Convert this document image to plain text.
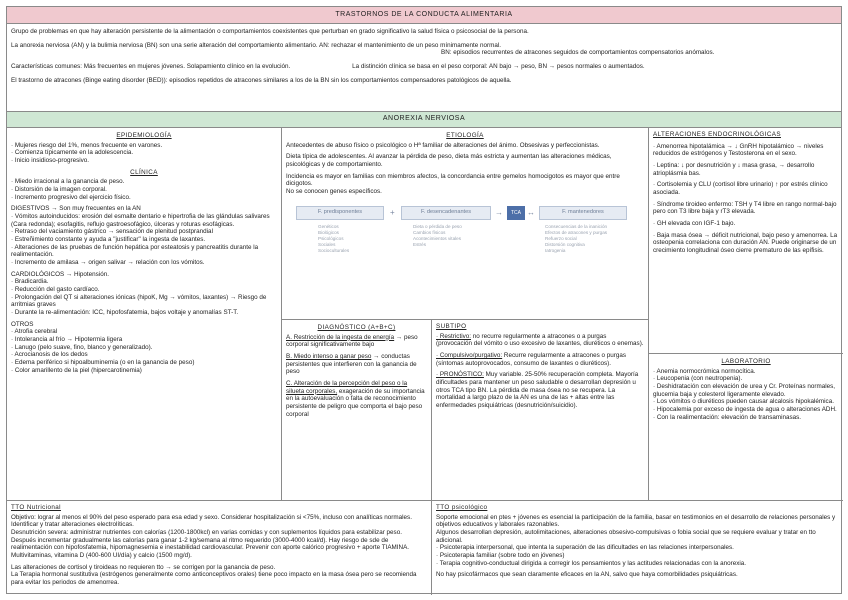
TRASTORNOS DE LA CONDUCTA ALIMENTARIA

Grupo de problemas en que hay alteración persistente de la alimentación o comportamientos coexistentes que perturban en grado significativo la salud física o psicosocial de la persona.

La anorexia nerviosa (AN) y la bulimia nerviosa (BN) son una serie alteración del comportamiento alimentario. AN: rechazar el mantenimiento de un peso mínimamente normal.
BN: episodios recurrentes de atracones seguidos de comportamientos compensatorios anómalos.

Características comunes: Más frecuentes en mujeres jóvenes. Solapamiento clínico en la evolución.	La distinción clínica se basa en el peso corporal: AN bajo → peso, BN → pesos normales o aumentados.

El trastorno de atracones (Binge eating disorder (BED)): episodios repetidos de atracones similares a los de la BN sin los comportamientos compensadores patológicos de aquella.

ANOREXIA NERVIOSA
EPIDEMIOLOGÍA
· Mujeres riesgo del 1%, menos frecuente en varones.
· Comienza típicamente en la adolescencia.
· Inicio insidioso-progresivo.
CLÍNICA
· Miedo irracional a la ganancia de peso.
· Distorsión de la imagen corporal.
· Incremento progresivo del ejercicio físico.
DIGESTIVOS → Son muy frecuentes en la AN
· Vómitos autoinducidos: erosión del esmalte dentario e hipertrofia de las glándulas salivares (Cara redonda); esofagitis, reflujo gastroesofágico, úlceras y roturas esofágicas.
· Retraso del vaciamiento gástrico → sensación de plenitud postprandial
· Estreñimiento constante y ayuda a "justificar" la ingesta de laxantes.
· Alteraciones de las pruebas de función hepática por esteatosis y pancreatitis durante la realimentación.
· Incremento de amilasa → origen salivar → relación con los vómitos.
CARDIOLÓGICOS → Hipotensión.
· Bradicardia.
· Reducción del gasto cardíaco.
· Prolongación del QT si alteraciones iónicas (hipoK, Mg → vómitos, laxantes) → Riesgo de arritmias graves
· Durante la re-alimentación: ICC, hipofosfatemia, bajos voltaje y anomalías ST-T.
OTROS
· Atrofia cerebral
· Intolerancia al frío → Hipotermia ligera
· Lanugo (pelo suave, fino, blanco y generalizado).
· Acrocianosis de los dedos
· Edema periférico si hipoalbuminemia (o en la ganancia de peso)
· Color amarillento de la piel (hipercarotinemia)
ETIOLOGÍA
Antecedentes de abuso físico o psicológico o Hª familiar de alteraciones del ánimo. Obsesivas y perfeccionistas.
Dieta típica de adolescentes. Al avanzar la pérdida de peso, dieta más estricta y aumentan las alteraciones médicas, psicológicas y de comportamiento.
Incidencia es mayor en familias con miembros afectos, la concordancia entre gemelos homocigotos es mayor que entre dicigotos.
No se conocen genes específicos.
F. predisponentes
Genéticos
Biológicos
Psicológicos
Sociales
Socioculturales
+	F. desencadenantes
Dieta o pérdida de peso
Cambios físicos
Acontecimientos vitales
Estrés
→	TCA ↔	F. mantenedores
Consecuencias de la inanición
Efectos de atracones y purgas
Refuerzo social
Distorsión cognitiva
Iatrogenia
DIAGNÓSTICO (A+B+C)
A. Restricción de la ingesta de energía → peso corporal significativamente bajo
B. Miedo intenso a ganar peso → conductas persistentes que interfieren con la ganancia de peso
C. Alteración de la percepción del peso o la silueta corporales, exageración de su importancia en la autoevaluación o falta de reconocimiento persistente de peligro que comporta el bajo peso corporal
SUBTIPO
· Restrictivo: no recurre regularmente a atracones o a purgas (provocación del vómito o uso excesivo de laxantes, diuréticos o enemas).
· Compulsivo/purgativo: Recurre regularmente a atracones o purgas (síntomas autoprovocados, consumo de laxantes o diuréticos).
· PRONÓSTICO: Muy variable. 25-50% recuperación completa. Mayoría dificultades para mantener un peso saludable o desarrollan depresión u otros TCA tipo BN. La pérdida de masa ósea no se recupera. La mortalidad a largo plazo de la AN es una de las + altas entre las enfermedades psiquiátricas (desnutrición/suicidio).
ALTERACIONES ENDOCRINOLÓGICAS
· Amenorrea hipotalámica → ↓ GnRH hipotalámico → niveles reducidos de estrógenos y Testosterona en el sexo.
· Leptina: ↓ por desnutrición y ↓ masa grasa, → desarrollo atrioplásmia bas.
· Cortisolemia y CLU (cortisol libre urinario) ↑ por estrés clínico asociada.
· Síndrome tiroideo enfermo: TSH y T4 libre en rango normal-bajo pero con T3 libre baja y rT3 elevada.
· GH elevada con IGF-1 bajo.
· Baja masa ósea → déficit nutricional, bajo peso y amenorrea. La osteopenia correlaciona con duración AN. Puede originarse de un crecimiento longitudinal óseo cierre prematuro de las epífisis.
LABORATORIO
· Anemia normocrómica normocítica.
· Leucopenia (con neutropenia).
· Deshidratación con elevación de urea y Cr. Proteínas normales, glucemia baja y colesterol ligeramente elevado.
· Los vómitos o diuréticos pueden causar alcalosis hipokalémica.
· Hipocalemia por exceso de ingesta de agua o alteraciones ADH.
· Con la realimentación: elevación de transaminasas.
TTO Nutricional
Objetivo: lograr al menos el 90% del peso esperado para esa edad y sexo. Considerar hospitalización si <75%, incluso con analíticas normales. Identificar y tratar alteraciones electrolíticas.
Desnutrición severa: administrar nutrientes con calorías (1200-1800kcl) en varias comidas y con suplementos líquidos para estabilizar peso. Después incrementar gradualmente las calorías para ganar 1-2 kg/semana al ritmo requerido (3000-4000 kcal/d). Hay riesgo de sde de realimentación con hipofosfatemia, hipomagnesemia e inestabilidad cardiovascular. Prevenir con aporte calórico progresivo + aporte TIAMINA.
Multivitaminas, vitamina D (400-600 UI/día) y calcio (1500 mg/d).
Las alteraciones de cortisol y tiroideas no requieren tto → se corrigen por la ganancia de peso.
La Terapia hormonal sustitutiva (estrógenos generalmente como anticonceptivos orales) tiene poco impacto en la masa ósea pero se recomienda para evitar los periodos de amenorrea.
TTO psicológico
Soporte emocional en ptes + jóvenes es esencial la participación de la familia, basar en testimonios en el desarrollo de relaciones personales y objetivos educativos y laborales razonables.
Algunos desarrollan depresión, autolimitaciones, alteraciones obsesivo-compulsivas o fobia social que se requiere evaluar y tratar en tto adicional.
· Psicoterapia interpersonal, que intenta la superación de las dificultades en las relaciones interpersonales.
· Psicoterapia familiar (sobre todo en jóvenes)
· Terapia cognitivo-conductual dirigida a corregir los pensamientos y las actitudes relacionadas con la anorexia.
No hay psicofármacos que sean claramente eficaces en la AN, salvo que haya comorbilidades psiquiátricas.
